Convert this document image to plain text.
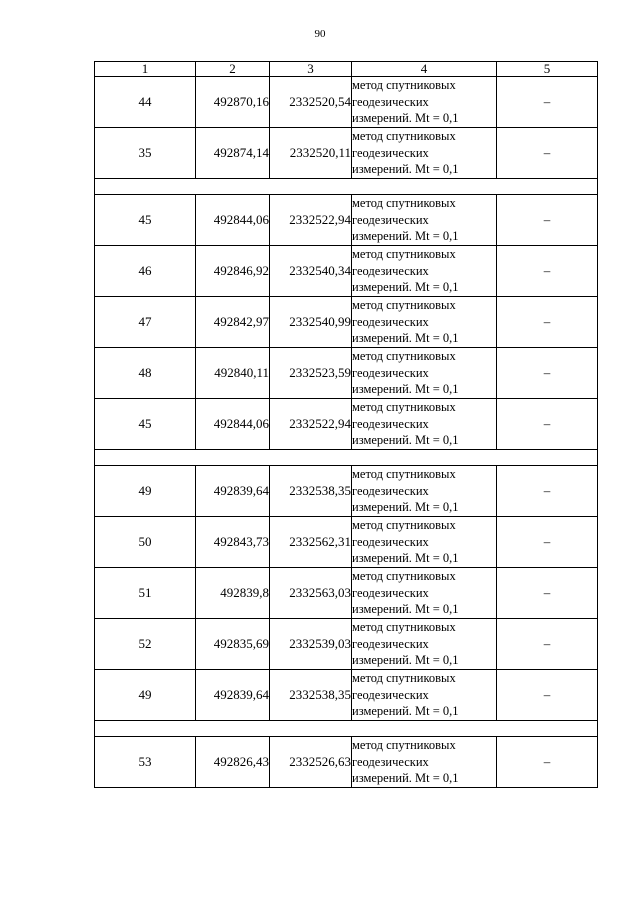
90
1	2	3	4	5
44	492870,16	2332520,54	метод спутниковых
геодезических
измерений. Mt = 0,1	–
35	492874,14	2332520,11	метод спутниковых
геодезических
измерений. Mt = 0,1	–

45	492844,06	2332522,94	метод спутниковых
геодезических
измерений. Mt = 0,1	–
46	492846,92	2332540,34	метод спутниковых
геодезических
измерений. Mt = 0,1	–
47	492842,97	2332540,99	метод спутниковых
геодезических
измерений. Mt = 0,1	–
48	492840,11	2332523,59	метод спутниковых
геодезических
измерений. Mt = 0,1	–
45	492844,06	2332522,94	метод спутниковых
геодезических
измерений. Mt = 0,1	–

49	492839,64	2332538,35	метод спутниковых
геодезических
измерений. Mt = 0,1	–
50	492843,73	2332562,31	метод спутниковых
геодезических
измерений. Mt = 0,1	–
51	492839,8	2332563,03	метод спутниковых
геодезических
измерений. Mt = 0,1	–
52	492835,69	2332539,03	метод спутниковых
геодезических
измерений. Mt = 0,1	–
49	492839,64	2332538,35	метод спутниковых
геодезических
измерений. Mt = 0,1	–

53	492826,43	2332526,63	метод спутниковых
геодезических
измерений. Mt = 0,1	–
